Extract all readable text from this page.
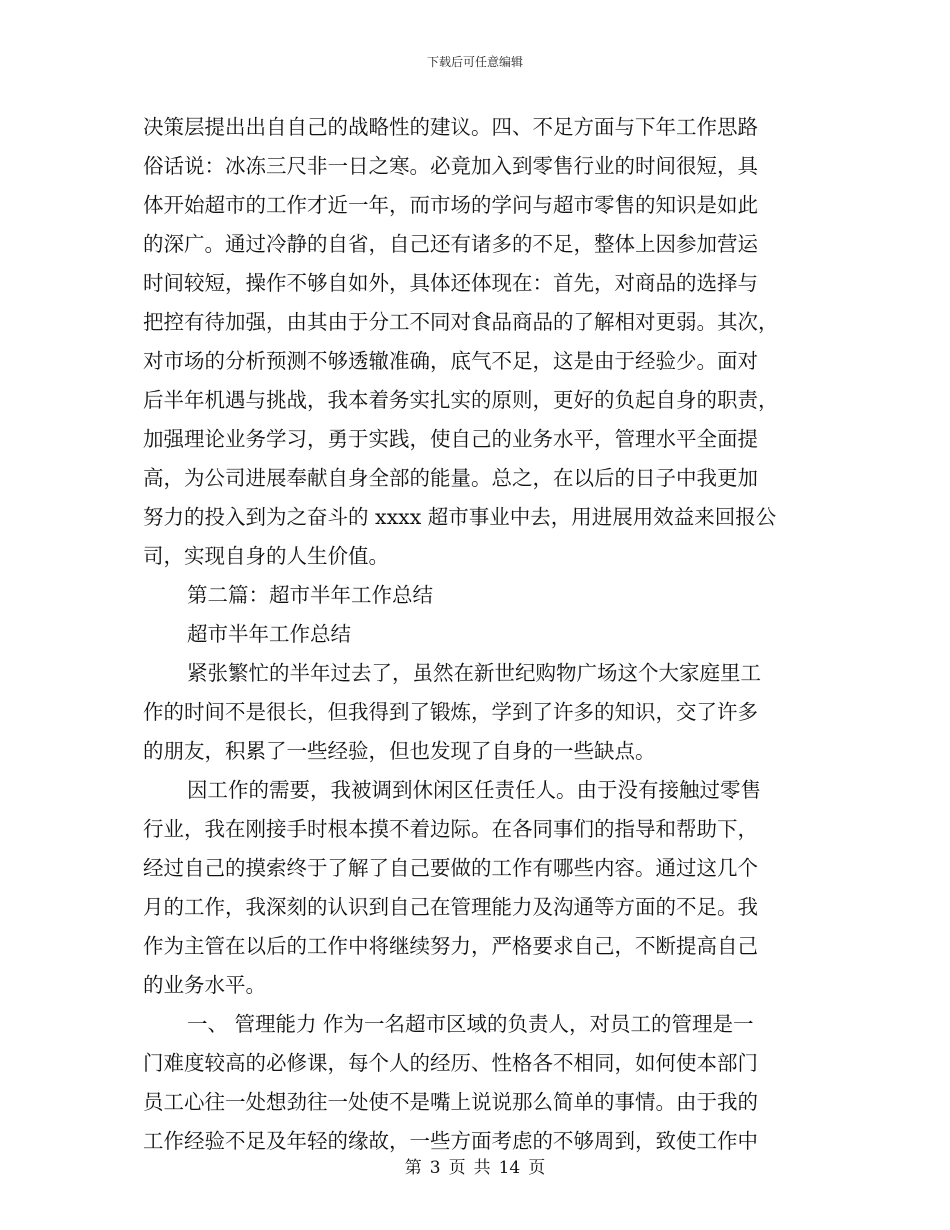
下载后可任意编辑
决策层提出出自自己的战略性的建议。四、不足方面与下年工作思路
俗话说：冰冻三尺非一日之寒。必竟加入到零售行业的时间很短，具
体开始超市的工作才近一年，而市场的学问与超市零售的知识是如此
的深广。通过冷静的自省，自己还有诸多的不足，整体上因参加营运
时间较短，操作不够自如外，具体还体现在：首先，对商品的选择与
把控有待加强，由其由于分工不同对食品商品的了解相对更弱。其次，
对市场的分析预测不够透辙准确，底气不足，这是由于经验少。面对
后半年机遇与挑战，我本着务实扎实的原则，更好的负起自身的职责，
加强理论业务学习，勇于实践，使自己的业务水平，管理水平全面提
高，为公司进展奉献自身全部的能量。总之，在以后的日子中我更加
努力的投入到为之奋斗的 xxxx 超市事业中去，用进展用效益来回报公
司，实现自身的人生价值。
第二篇：超市半年工作总结
超市半年工作总结
紧张繁忙的半年过去了，虽然在新世纪购物广场这个大家庭里工
作的时间不是很长，但我得到了锻炼，学到了许多的知识，交了许多
的朋友，积累了一些经验，但也发现了自身的一些缺点。
因工作的需要，我被调到休闲区任责任人。由于没有接触过零售
行业，我在刚接手时根本摸不着边际。在各同事们的指导和帮助下，
经过自己的摸索终于了解了自己要做的工作有哪些内容。通过这几个
月的工作，我深刻的认识到自己在管理能力及沟通等方面的不足。我
作为主管在以后的工作中将继续努力，严格要求自己，不断提高自己
的业务水平。
一、 管理能力 作为一名超市区域的负责人，对员工的管理是一
门难度较高的必修课，每个人的经历、性格各不相同，如何使本部门
员工心往一处想劲往一处使不是嘴上说说那么简单的事情。由于我的
工作经验不足及年轻的缘故，一些方面考虑的不够周到，致使工作中
第 3 页 共 14 页
